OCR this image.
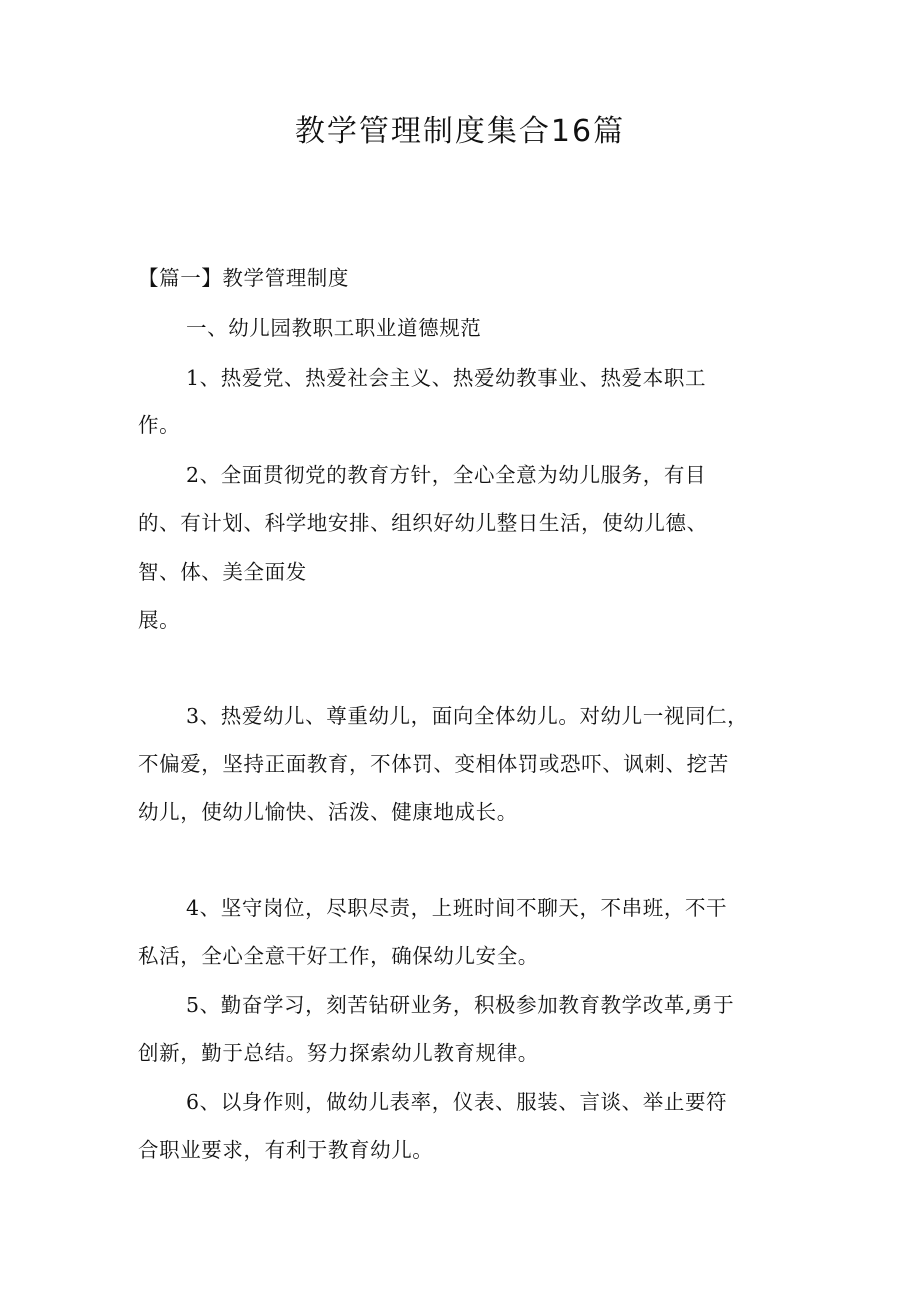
教学管理制度集合16篇
【篇一】教学管理制度
一、幼儿园教职工职业道德规范
1、热爱党、热爱社会主义、热爱幼教事业、热爱本职工
作。
2、全面贯彻党的教育方针，全心全意为幼儿服务，有目
的、有计划、科学地安排、组织好幼儿整日生活，使幼儿德、
智、体、美全面发
展。
3、热爱幼儿、尊重幼儿，面向全体幼儿。对幼儿一视同仁，
不偏爱，坚持正面教育，不体罚、变相体罚或恐吓、讽刺、挖苦
幼儿，使幼儿愉快、活泼、健康地成长。
4、坚守岗位，尽职尽责，上班时间不聊天，不串班，不干
私活，全心全意干好工作，确保幼儿安全。
5、勤奋学习，刻苦钻研业务，积极参加教育教学改革,勇于
创新，勤于总结。努力探索幼儿教育规律。
6、以身作则，做幼儿表率，仪表、服装、言谈、举止要符
合职业要求，有利于教育幼儿。
